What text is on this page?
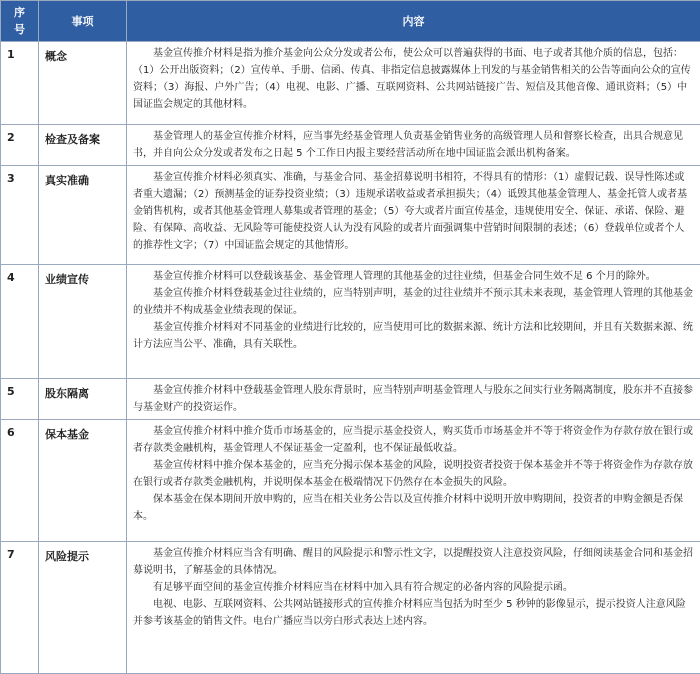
序
号	事项	内容
1	概念	基金宣传推介材料是指为推介基金向公众分发或者公布，使公众可以普遍获得的书面、电子或者其他介质的信息，包括：（1）公开出版资料；（2）宣传单、手册、信函、传真、非指定信息披露媒体上刊发的与基金销售相关的公告等面向公众的宣传资料；（3）海报、户外广告；（4）电视、电影、广播、互联网资料、公共网站链接广告、短信及其他音像、通讯资料；（5）中国证监会规定的其他材料。

2	检查及备案	基金管理人的基金宣传推介材料，应当事先经基金管理人负责基金销售业务的高级管理人员和督察长检查，出具合规意见书，并自向公众分发或者发布之日起 5 个工作日内报主要经营活动所在地中国证监会派出机构备案。

3	真实准确	基金宣传推介材料必须真实、准确，与基金合同、基金招募说明书相符，不得具有的情形：（1）虚假记载、误导性陈述或者重大遗漏；（2）预测基金的证券投资业绩；（3）违规承诺收益或者承担损失；（4）诋毁其他基金管理人、基金托管人或者基金销售机构，或者其他基金管理人募集或者管理的基金；（5）夸大或者片面宣传基金，违规使用安全、保证、承诺、保险、避险、有保障、高收益、无风险等可能使投资人认为没有风险的或者片面强调集中营销时间限制的表述；（6）登载单位或者个人的推荐性文字；（7）中国证监会规定的其他情形。

4	业绩宣传	基金宣传推介材料可以登载该基金、基金管理人管理的其他基金的过往业绩，但基金合同生效不足 6 个月的除外。

基金宣传推介材料登载基金过往业绩的，应当特别声明，基金的过往业绩并不预示其未来表现，基金管理人管理的其他基金的业绩并不构成基金业绩表现的保证。

基金宣传推介材料对不同基金的业绩进行比较的，应当使用可比的数据来源、统计方法和比较期间，并且有关数据来源、统计方法应当公平、准确，具有关联性。

5	股东隔离	基金宣传推介材料中登载基金管理人股东背景时，应当特别声明基金管理人与股东之间实行业务隔离制度，股东并不直接参与基金财产的投资运作。

6	保本基金	基金宣传推介材料中推介货币市场基金的，应当提示基金投资人，购买货币市场基金并不等于将资金作为存款存放在银行或者存款类金融机构，基金管理人不保证基金一定盈利，也不保证最低收益。

基金宣传材料中推介保本基金的，应当充分揭示保本基金的风险，说明投资者投资于保本基金并不等于将资金作为存款存放在银行或者存款类金融机构，并说明保本基金在极端情况下仍然存在本金损失的风险。

保本基金在保本期间开放申购的，应当在相关业务公告以及宣传推介材料中说明开放申购期间，投资者的申购金额是否保本。

7	风险提示	基金宣传推介材料应当含有明确、醒目的风险提示和警示性文字，以提醒投资人注意投资风险，仔细阅读基金合同和基金招募说明书，了解基金的具体情况。

有足够平面空间的基金宣传推介材料应当在材料中加入具有符合规定的必备内容的风险提示函。

电视、电影、互联网资料、公共网站链接形式的宣传推介材料应当包括为时至少 5 秒钟的影像显示，提示投资人注意风险并参考该基金的销售文件。电台广播应当以旁白形式表达上述内容。
